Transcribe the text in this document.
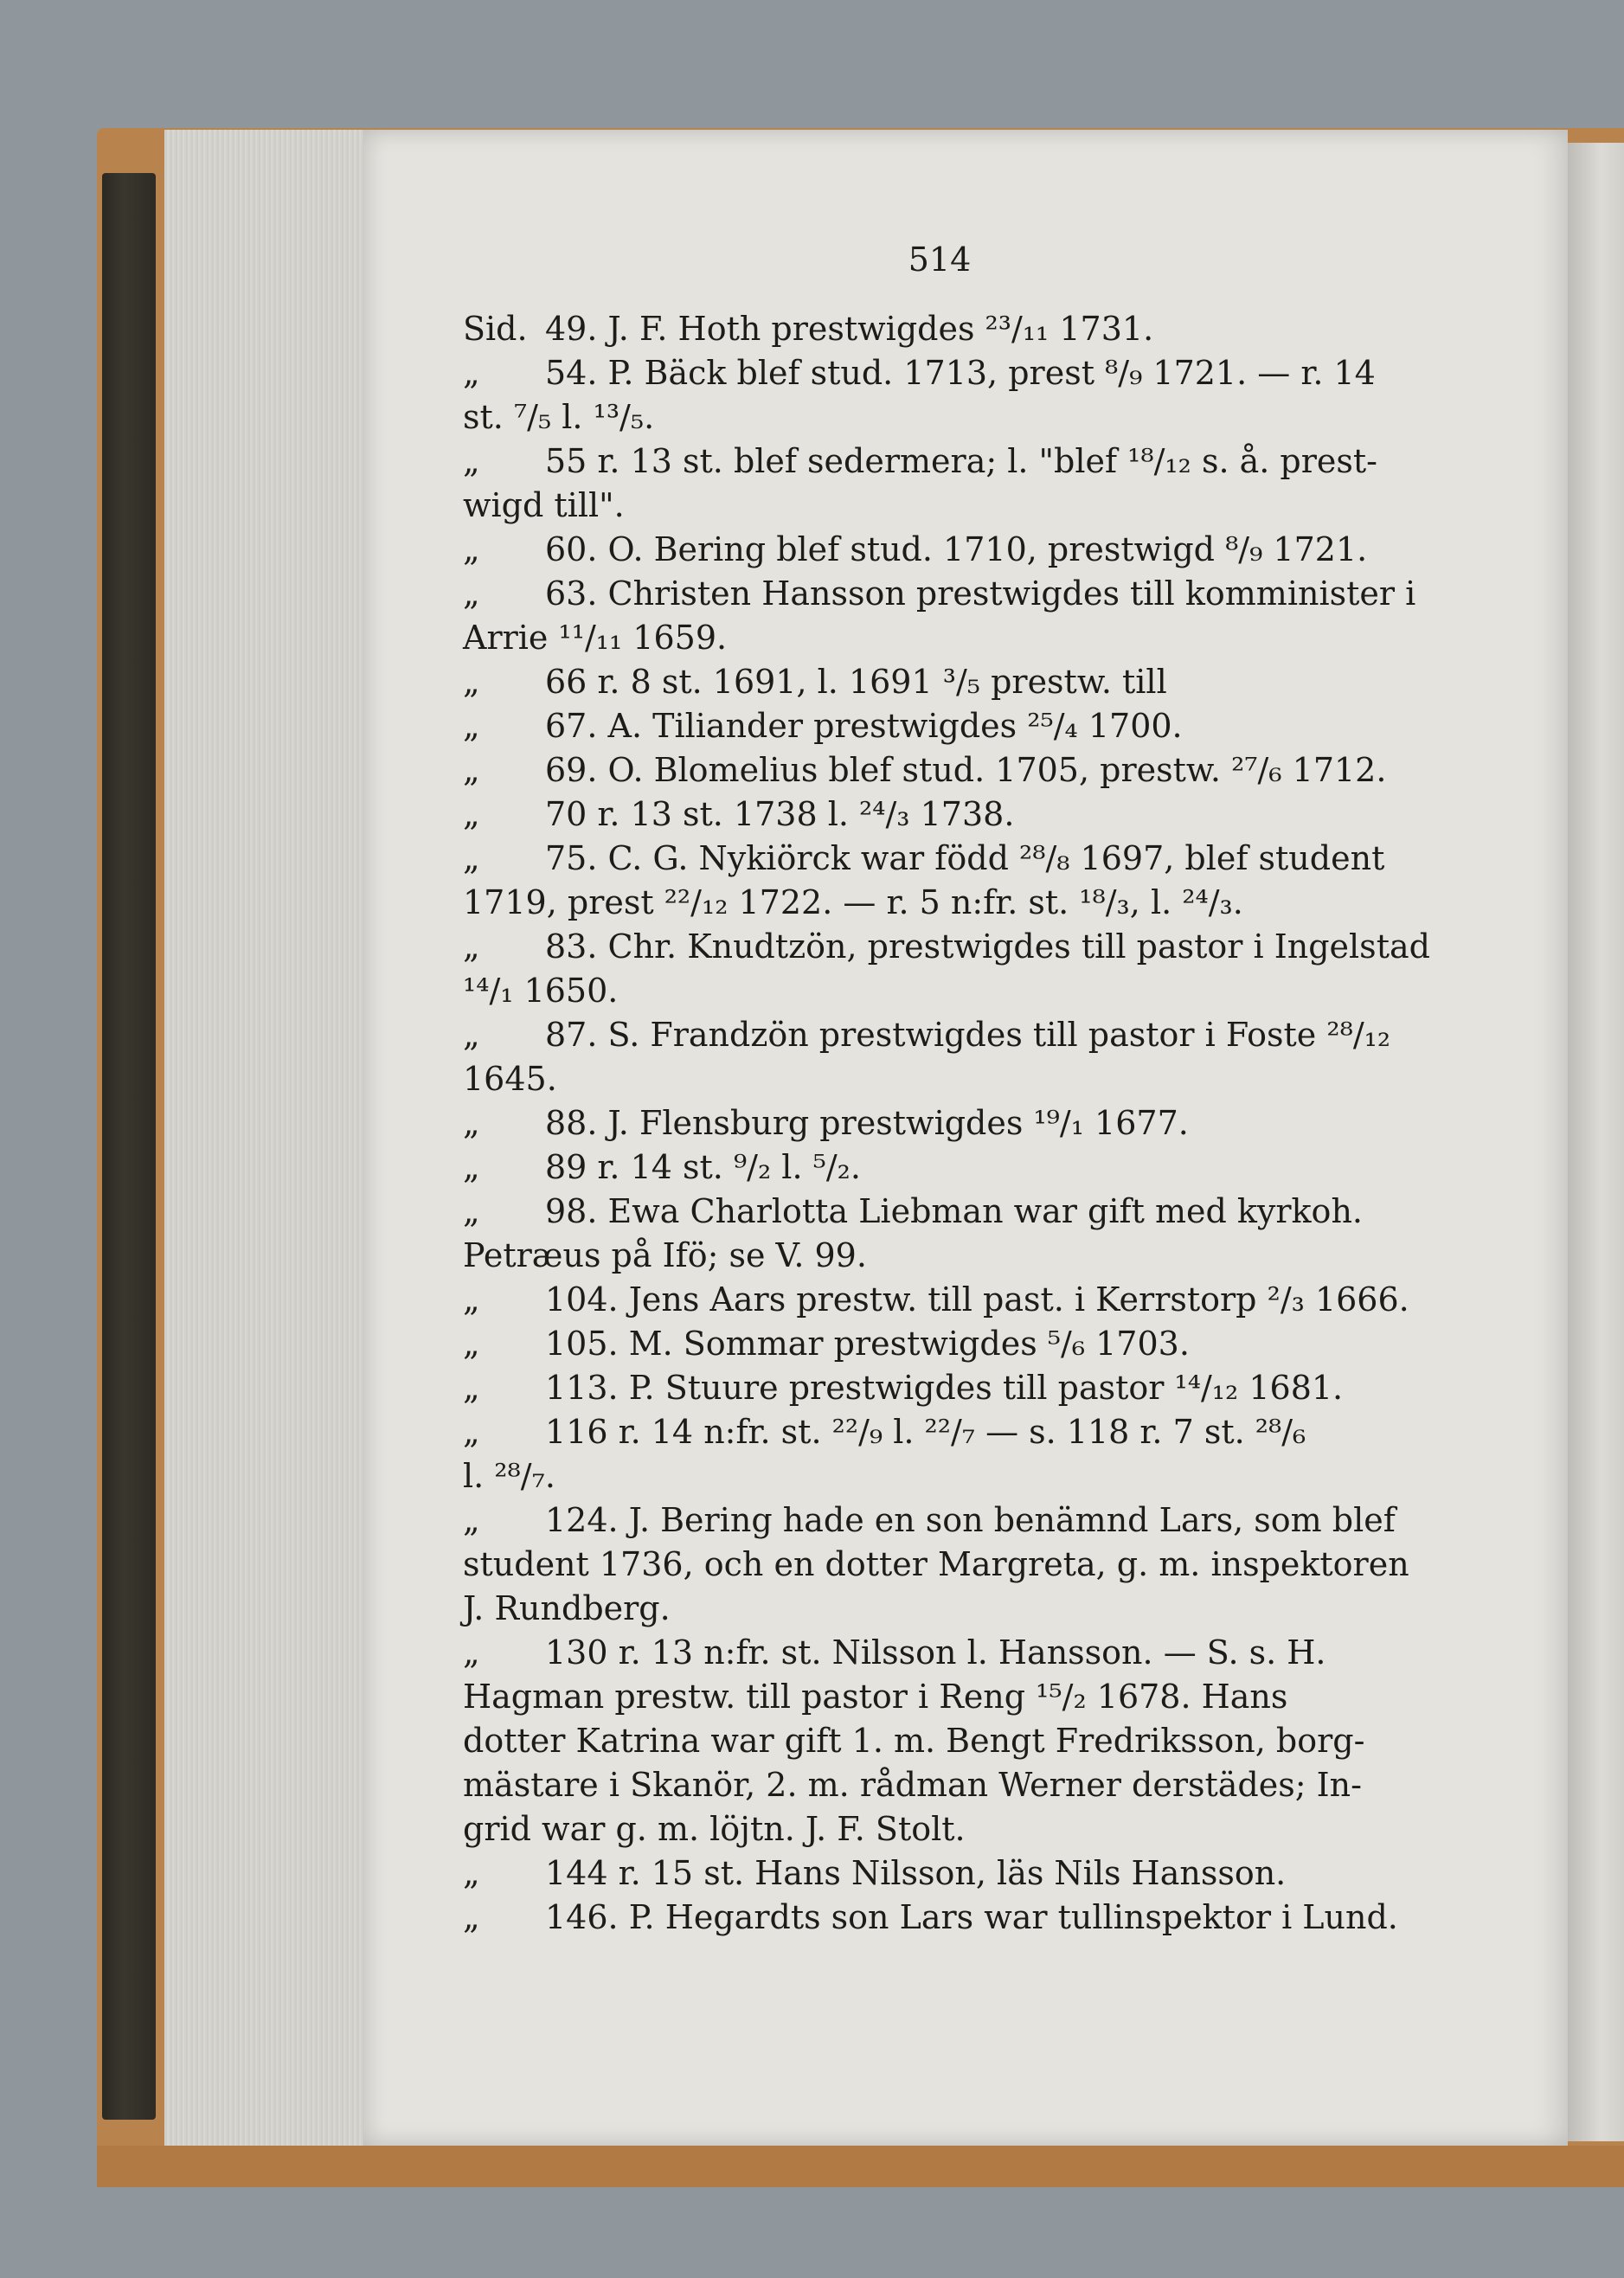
514
Sid. 49. J. F. Hoth prestwigdes ²³/₁₁ 1731.
„	54. P. Bäck blef stud. 1713, prest ⁸/₉ 1721. — r. 14
st. ⁷/₅ l. ¹³/₅.
„	55 r. 13 st. blef sedermera; l. "blef ¹⁸/₁₂ s. å. prest-
wigd till".
„	60. O. Bering blef stud. 1710, prestwigd ⁸/₉ 1721.
„	63. Christen Hansson prestwigdes till komminister i
Arrie ¹¹/₁₁ 1659.
„	66 r. 8 st. 1691, l. 1691 ³/₅ prestw. till
„	67. A. Tiliander prestwigdes ²⁵/₄ 1700.
„	69. O. Blomelius blef stud. 1705, prestw. ²⁷/₆ 1712.
„	70 r. 13 st. 1738 l. ²⁴/₃ 1738.
„	75. C. G. Nykiörck war född ²⁸/₈ 1697, blef student
1719, prest ²²/₁₂ 1722. — r. 5 n:fr. st. ¹⁸/₃, l. ²⁴/₃.
„	83. Chr. Knudtzön, prestwigdes till pastor i Ingelstad
¹⁴/₁ 1650.
„	87. S. Frandzön prestwigdes till pastor i Foste ²⁸/₁₂
1645.
„	88. J. Flensburg prestwigdes ¹⁹/₁ 1677.
„	89 r. 14 st. ⁹/₂ l. ⁵/₂.
„	98. Ewa Charlotta Liebman war gift med kyrkoh.
Petræus på Ifö; se V. 99.
„	104. Jens Aars prestw. till past. i Kerrstorp ²/₃ 1666.
„	105. M. Sommar prestwigdes ⁵/₆ 1703.
„	113. P. Stuure prestwigdes till pastor ¹⁴/₁₂ 1681.
„	116 r. 14 n:fr. st. ²²/₉ l. ²²/₇ — s. 118 r. 7 st. ²⁸/₆
l. ²⁸/₇.
„	124. J. Bering hade en son benämnd Lars, som blef
student 1736, och en dotter Margreta, g. m. inspektoren
J. Rundberg.
„	130 r. 13 n:fr. st. Nilsson l. Hansson. — S. s. H.
Hagman prestw. till pastor i Reng ¹⁵/₂ 1678. Hans
dotter Katrina war gift 1. m. Bengt Fredriksson, borg-
mästare i Skanör, 2. m. rådman Werner derstädes; In-
grid war g. m. löjtn. J. F. Stolt.
„	144 r. 15 st. Hans Nilsson, läs Nils Hansson.
„	146. P. Hegardts son Lars war tullinspektor i Lund.
